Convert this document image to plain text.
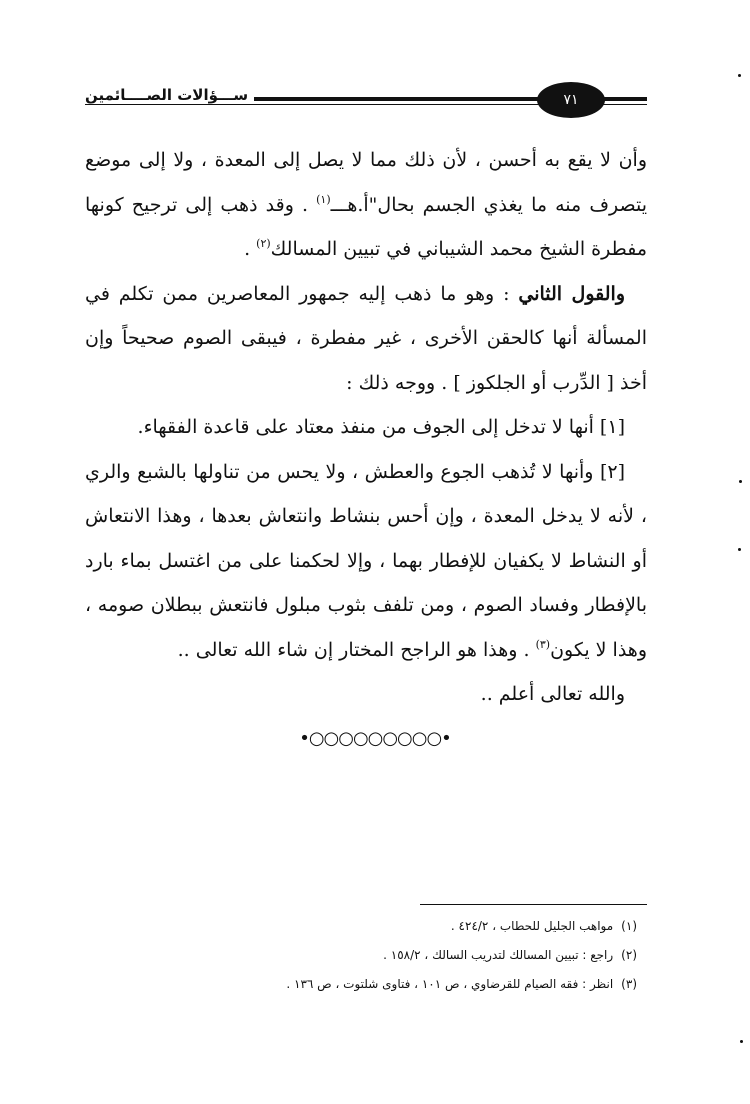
ســـؤالات الصــــائمين	٧١

وأن لا يقع به أحسن ، لأن ذلك مما لا يصل إلى المعدة ، ولا إلى موضع يتصرف منه ما يغذي الجسم بحال"أ.هـــ$^{(١)}$ . وقد ذهب إلى ترجيح كونها مفطرة الشيخ محمد الشيباني في تبيين المسالك$^{(٢)}$ .

والقول الثاني : وهو ما ذهب إليه جمهور المعاصرين ممن تكلم في المسألة أنها كالحقن الأخرى ، غير مفطرة ، فيبقى الصوم صحيحاً وإن أخذ [ الدِّرب أو الجلكوز ] . ووجه ذلك :

[١] أنها لا تدخل إلى الجوف من منفذ معتاد على قاعدة الفقهاء.

[٢] وأنها لا تُذهب الجوع والعطش ، ولا يحس من تناولها بالشبع والري ، لأنه لا يدخل المعدة ، وإن أحس بنشاط وانتعاش بعدها ، وهذا الانتعاش أو النشاط لا يكفيان للإفطار بهما ، وإلا لحكمنا على من اغتسل بماء بارد بالإفطار وفساد الصوم ، ومن تلفف بثوب مبلول فانتعش ببطلان صومه ، وهذا لا يكون$^{(٣)}$ . وهذا هو الراجح المختار إن شاء الله تعالى ..

والله تعالى أعلم ..

•○○○○○○○○○•
(١)مواهب الجليل للحطاب ، ٤٢٤/٢ .
(٢)راجع : تبيين المسالك لتدريب السالك ، ١٥٨/٢ .
(٣)انظر : فقه الصيام للقرضاوي ، ص ١٠١ ، فتاوى شلتوت ، ص ١٣٦ .
